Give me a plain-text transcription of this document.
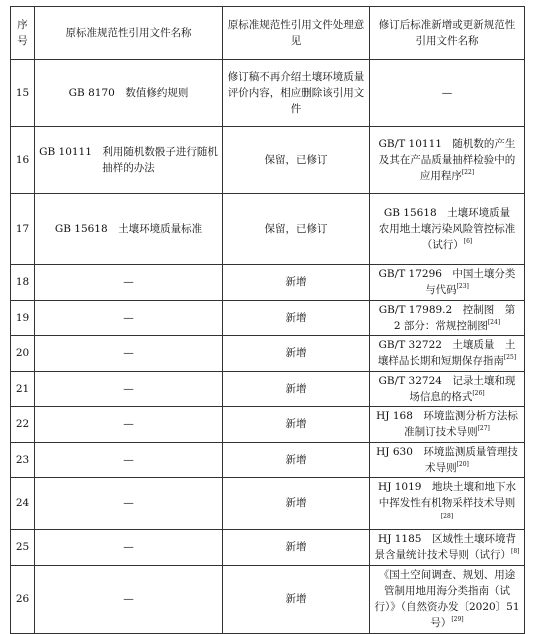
序号	原标准规范性引用文件名称	原标准规范性引用文件处理意见	修订后标准新增或更新规范性引用文件名称
15	GB 8170　数值修约规则	修订稿不再介绍土壤环境质量评价内容，相应删除该引用文件	—
16	GB 10111　利用随机数骰子进行随机抽样的办法	保留，已修订	GB/T 10111　随机数的产生及其在产品质量抽样检验中的应用程序[22]
17	GB 15618　土壤环境质量标准	保留，已修订	GB 15618　土壤环境质量　农用地土壤污染风险管控标准（试行）[6]
18	—	新增	GB/T 17296　中国土壤分类与代码[23]
19	—	新增	GB/T 17989.2　控制图　第 2 部分：常规控制图[24]
20	—	新增	GB/T 32722　土壤质量　土壤样品长期和短期保存指南[25]
21	—	新增	GB/T 32724　记录土壤和现场信息的格式[26]
22	—	新增	HJ 168　环境监测分析方法标准制订技术导则[27]
23	—	新增	HJ 630　环境监测质量管理技术导则[20]
24	—	新增	HJ 1019　地块土壤和地下水中挥发性有机物采样技术导则[28]
25	—	新增	HJ 1185　区域性土壤环境背景含量统计技术导则（试行）[8]
26	—	新增	《国土空间调查、规划、用途管制用地用海分类指南（试行）》（自然资办发〔2020〕51 号）[29]
